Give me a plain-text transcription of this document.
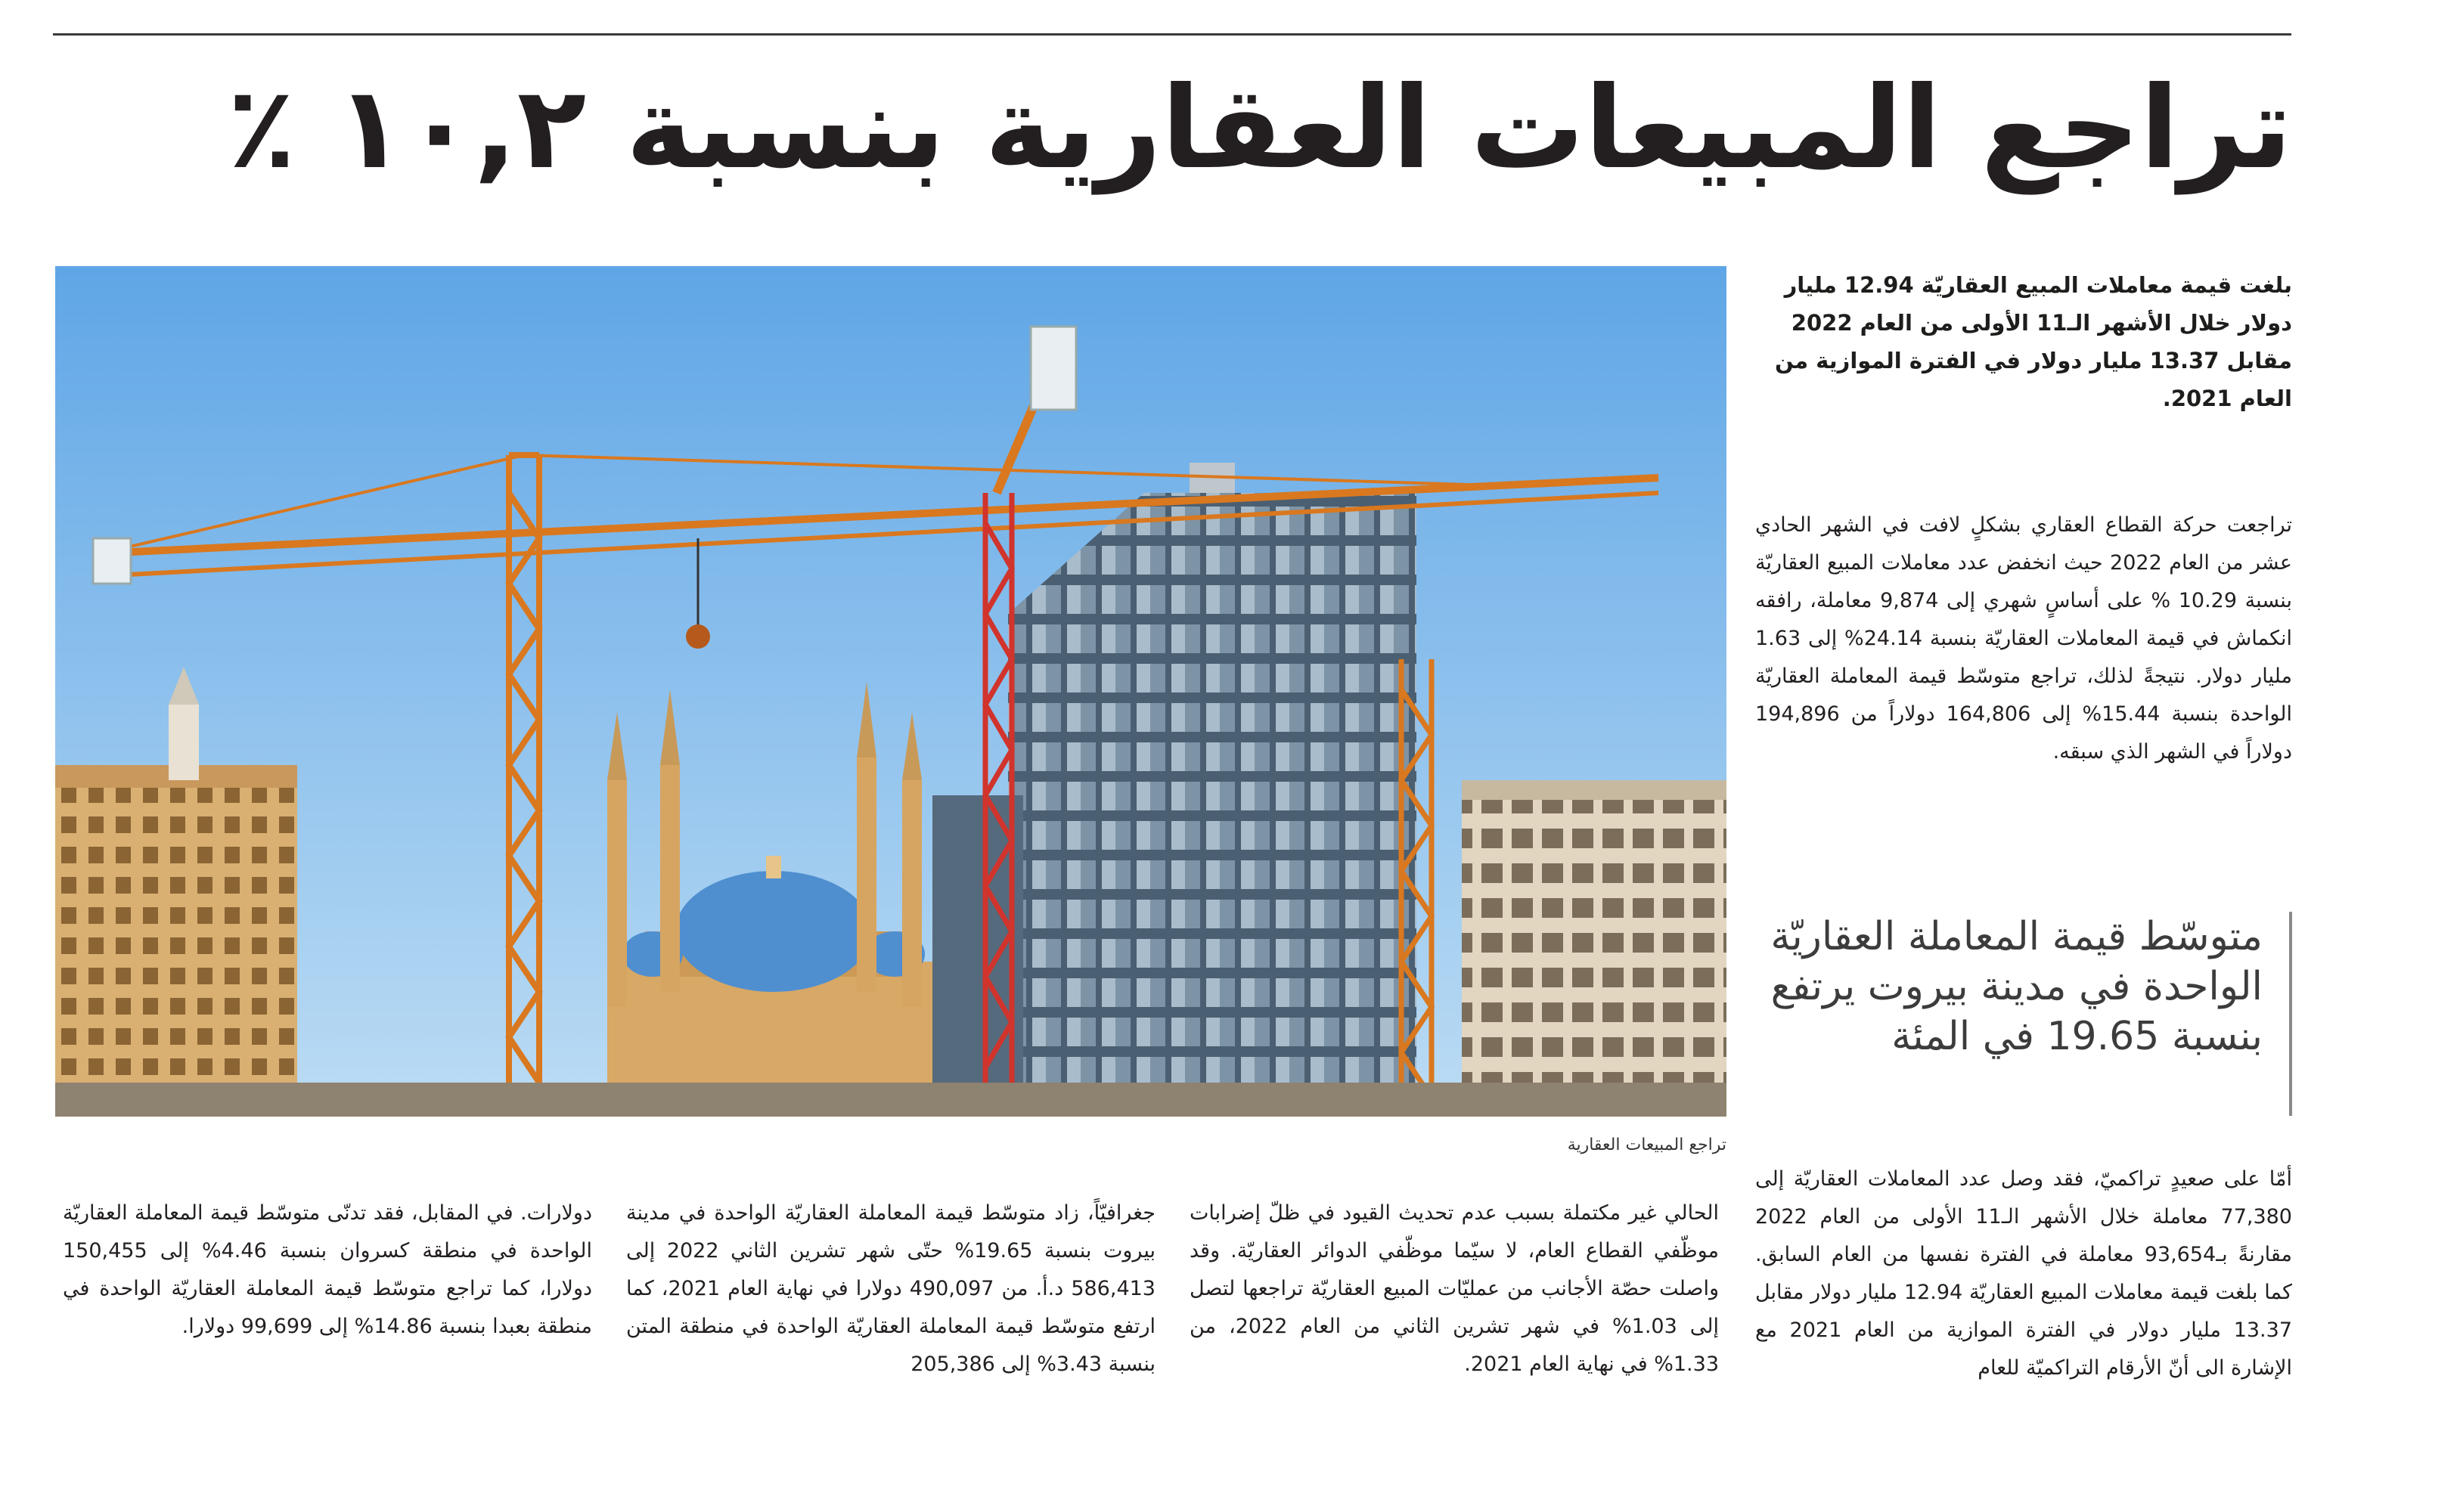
تراجع المبيعات العقارية بنسبة ١٠,٢ ٪

بلغت قيمة معاملات المبيع العقاريّة 12.94 مليار دولار خلال الأشهر الـ11 الأولى من العام 2022 مقابل 13.37 مليار دولار في الفترة الموازية من العام 2021.

تراجعت حركة القطاع العقاري بشكلٍ لافت في الشهر الحادي عشر من العام 2022 حيث انخفض عدد معاملات المبيع العقاريّة بنسبة 10.29 % على أساسٍ شهري إلى 9,874 معاملة، رافقه انكماش في قيمة المعاملات العقاريّة بنسبة 24.14% إلى 1.63 مليار دولار. نتيجةً لذلك، تراجع متوسّط قيمة المعاملة العقاريّة الواحدة بنسبة 15.44% إلى 164,806 دولاراً من 194,896 دولاراً في الشهر الذي سبقه.

متوسّط قيمة المعاملة العقاريّة الواحدة في مدينة بيروت يرتفع بنسبة 19.65 في المئة

تراجع المبيعات العقارية

أمّا على صعيدٍ تراكميّ، فقد وصل عدد المعاملات العقاريّة إلى 77,380 معاملة خلال الأشهر الـ11 الأولى من العام 2022 مقارنةً بـ93,654 معاملة في الفترة نفسها من العام السابق. كما بلغت قيمة معاملات المبيع العقاريّة 12.94 مليار دولار مقابل 13.37 مليار دولار في الفترة الموازية من العام 2021 مع الإشارة الى أنّ الأرقام التراكميّة للعام

الحالي غير مكتملة بسبب عدم تحديث القيود في ظلّ إضرابات موظّفي القطاع العام، لا سيّما موظّفي الدوائر العقاريّة. وقد واصلت حصّة الأجانب من عمليّات المبيع العقاريّة تراجعها لتصل إلى 1.03% في شهر تشرين الثاني من العام 2022، من 1.33% في نهاية العام 2021.

جغرافيّاً، زاد متوسّط قيمة المعاملة العقاريّة الواحدة في مدينة بيروت بنسبة 19.65% حتّى شهر تشرين الثاني 2022 إلى 586,413 د.أ. من 490,097 دولارا في نهاية العام 2021، كما ارتفع متوسّط قيمة المعاملة العقاريّة الواحدة في منطقة المتن بنسبة 3.43% إلى 205,386

دولارات. في المقابل، فقد تدنّى متوسّط قيمة المعاملة العقاريّة الواحدة في منطقة كسروان بنسبة 4.46% إلى 150,455 دولارا، كما تراجع متوسّط قيمة المعاملة العقاريّة الواحدة في منطقة بعبدا بنسبة 14.86% إلى 99,699 دولارا.
